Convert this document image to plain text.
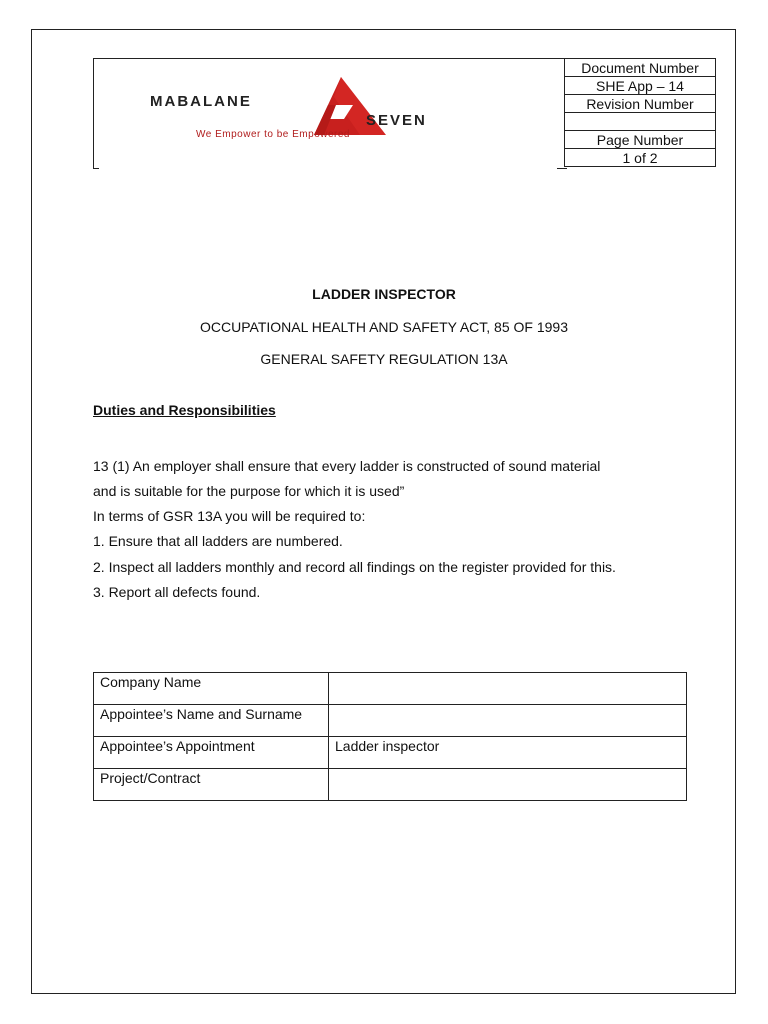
MABALANE
SEVEN
We Empower to be Empowered
Document Number
SHE App – 14
Revision Number

Page Number
1 of 2
LADDER INSPECTOR
OCCUPATIONAL HEALTH AND SAFETY ACT, 85 OF 1993
GENERAL SAFETY REGULATION 13A
Duties and Responsibilities
13 (1) An employer shall ensure that every ladder is constructed of sound material
and is suitable for the purpose for which it is used”
In terms of GSR 13A you will be required to:
1. Ensure that all ladders are numbered.
2. Inspect all ladders monthly and record all findings on the register provided for this.
3. Report all defects found.
Company Name	
Appointee’s Name and Surname	
Appointee’s Appointment	Ladder inspector
Project/Contract	
